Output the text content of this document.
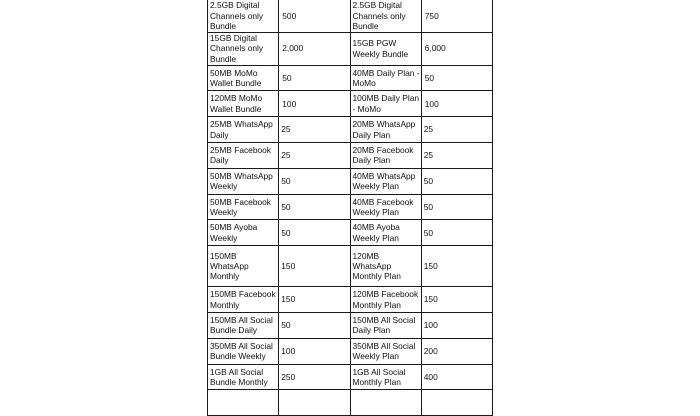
2.5GB Digital Channels only Bundle	500	2.5GB Digital Channels only Bundle	750
15GB Digital Channels only Bundle	2,000	15GB PGW Weekly Bundle	6,000
50MB MoMo Wallet Bundle	50	40MB Daily Plan - MoMo	50
120MB MoMo Wallet Bundle	100	100MB Daily Plan - MoMo	100
25MB WhatsApp Daily	25	20MB WhatsApp Daily Plan	25
25MB Facebook Daily	25	20MB Facebook Daily Plan	25
50MB WhatsApp Weekly	50	40MB WhatsApp Weekly Plan	50
50MB Facebook Weekly	50	40MB Facebook Weekly Plan	50
50MB Ayoba Weekly	50	40MB Ayoba Weekly Plan	50
150MB WhatsApp Monthly	150	120MB WhatsApp Monthly Plan	150
150MB Facebook Monthly	150	120MB Facebook Monthly Plan	150
150MB All Social Bundle Daily	50	150MB All Social Daily Plan	100
350MB All Social Bundle Weekly	100	350MB All Social Weekly Plan	200
1GB All Social Bundle Monthly	250	1GB All Social Monthly Plan	400
